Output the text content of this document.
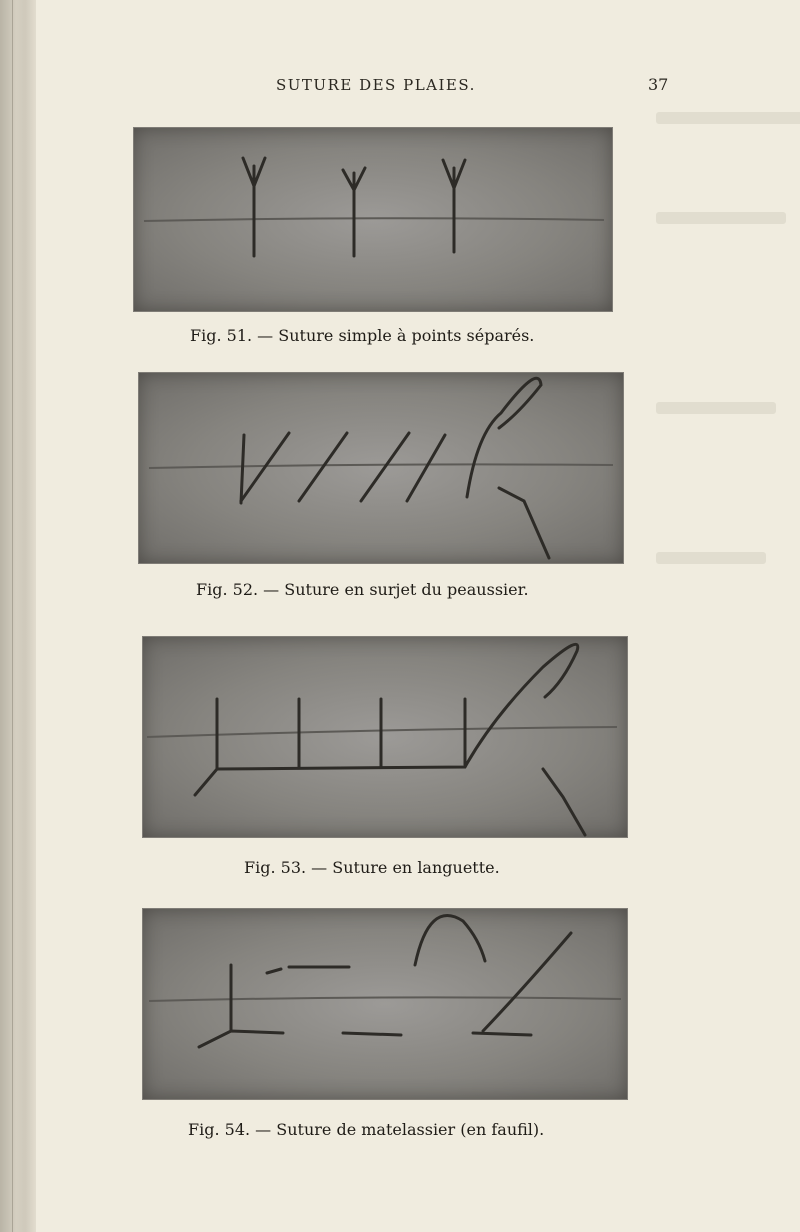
SUTURE DES PLAIES.	37
Fig. 51. — Suture simple à points séparés.
Fig. 52. — Suture en surjet du peaussier.
Fig. 53. — Suture en languette.
Fig. 54. — Suture de matelassier (en faufil).
